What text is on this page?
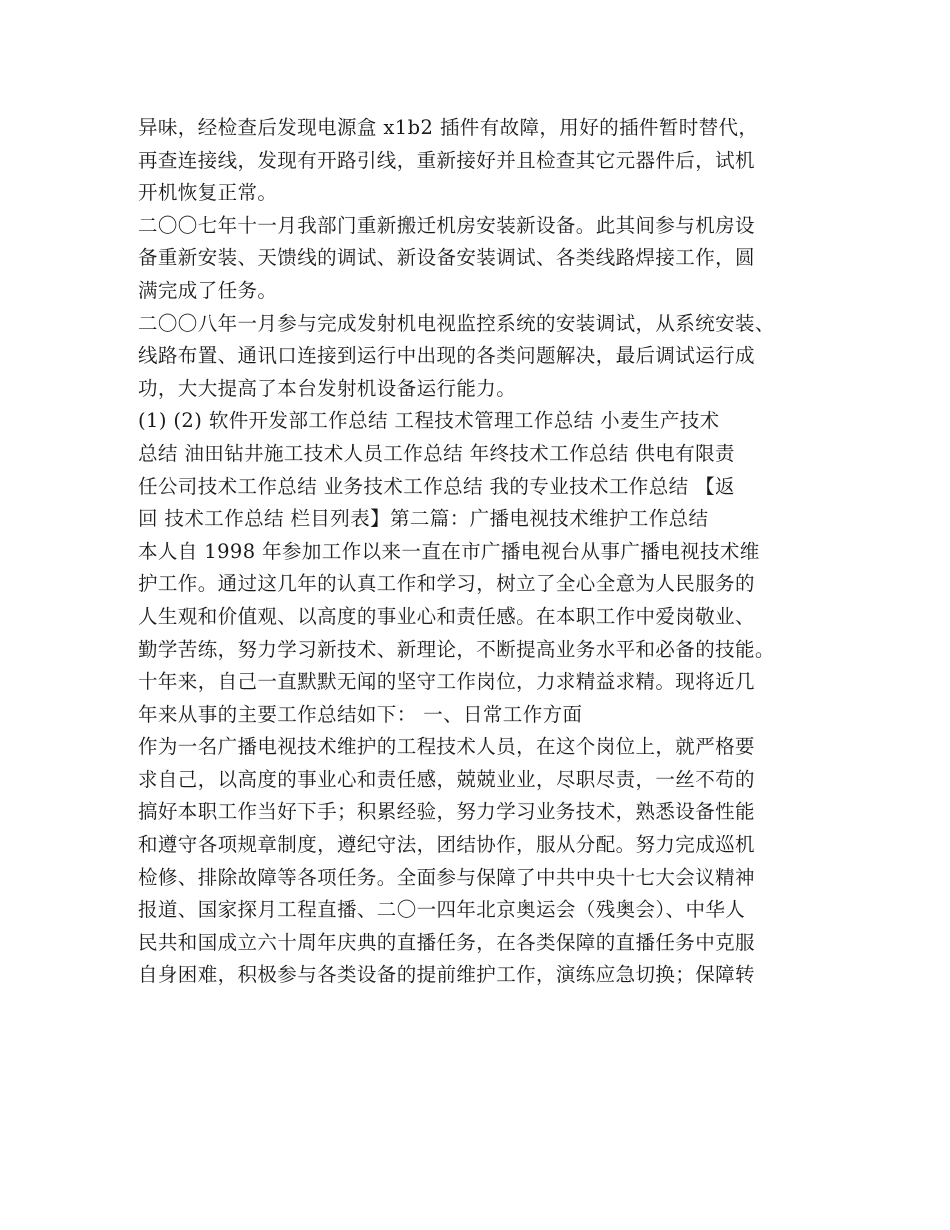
异味，经检查后发现电源盒 x1b2 插件有故障，用好的插件暂时替代，
再查连接线，发现有开路引线，重新接好并且检查其它元器件后，试机
开机恢复正常。
二〇〇七年十一月我部门重新搬迁机房安装新设备。此其间参与机房设
备重新安装、天馈线的调试、新设备安装调试、各类线路焊接工作，圆
满完成了任务。
二〇〇八年一月参与完成发射机电视监控系统的安装调试，从系统安装、
线路布置、通讯口连接到运行中出现的各类问题解决，最后调试运行成
功，大大提高了本台发射机设备运行能力。
(1) (2) 软件开发部工作总结 工程技术管理工作总结 小麦生产技术
总结 油田钻井施工技术人员工作总结 年终技术工作总结 供电有限责
任公司技术工作总结 业务技术工作总结 我的专业技术工作总结 【返
回 技术工作总结 栏目列表】第二篇：广播电视技术维护工作总结
本人自 1998 年参加工作以来一直在市广播电视台从事广播电视技术维
护工作。通过这几年的认真工作和学习，树立了全心全意为人民服务的
人生观和价值观、以高度的事业心和责任感。在本职工作中爱岗敬业、
勤学苦练，努力学习新技术、新理论，不断提高业务水平和必备的技能。
十年来，自己一直默默无闻的坚守工作岗位，力求精益求精。现将近几
年来从事的主要工作总结如下： 一、日常工作方面
作为一名广播电视技术维护的工程技术人员，在这个岗位上，就严格要
求自己，以高度的事业心和责任感，兢兢业业，尽职尽责，一丝不苟的
搞好本职工作当好下手；积累经验，努力学习业务技术，熟悉设备性能
和遵守各项规章制度，遵纪守法，团结协作，服从分配。努力完成巡机
检修、排除故障等各项任务。全面参与保障了中共中央十七大会议精神
报道、国家探月工程直播、二〇一四年北京奥运会（残奥会）、中华人
民共和国成立六十周年庆典的直播任务，在各类保障的直播任务中克服
自身困难，积极参与各类设备的提前维护工作，演练应急切换；保障转
